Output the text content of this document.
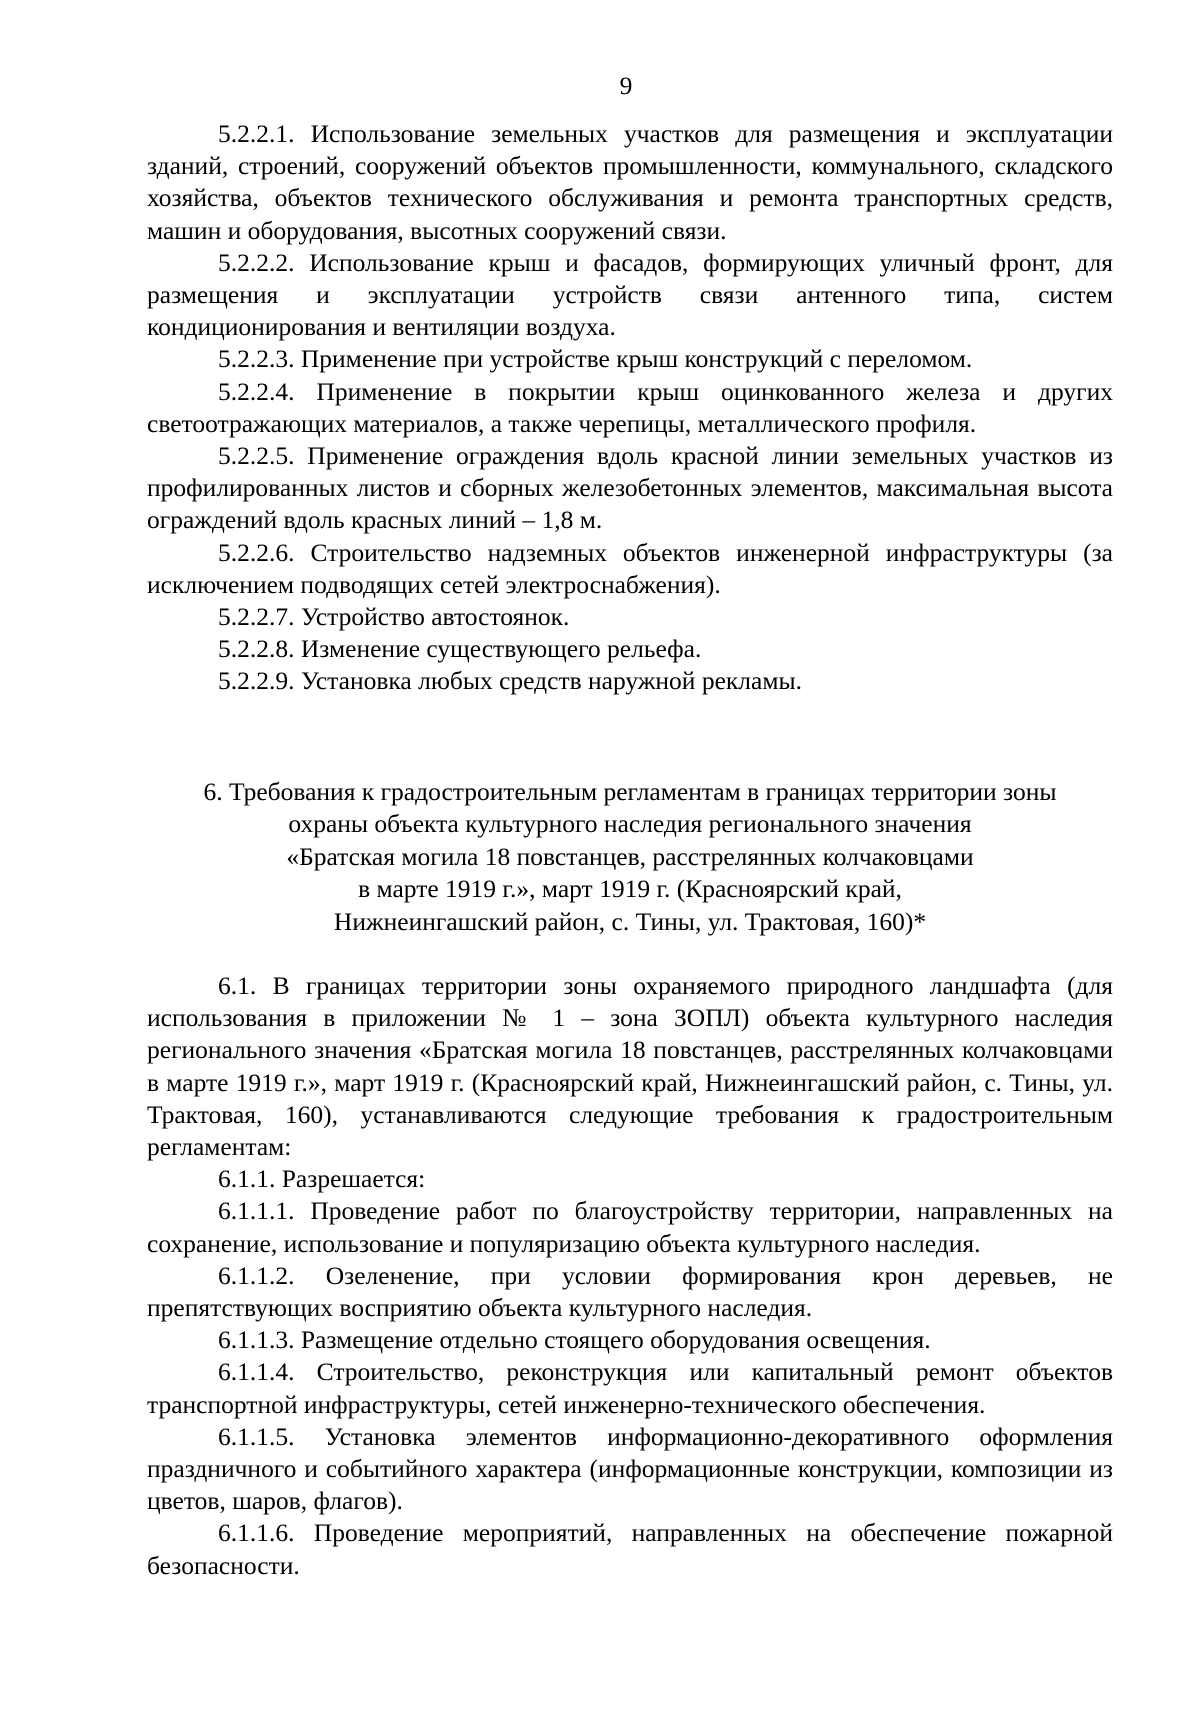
9

5.2.2.1. Использование земельных участков для размещения и эксплуатации зданий, строений, сооружений объектов промышленности, коммунального, складского хозяйства, объектов технического обслуживания и ремонта транспортных средств, машин и оборудования, высотных сооружений связи.

5.2.2.2. Использование крыш и фасадов, формирующих уличный фронт, для размещения и эксплуатации устройств связи антенного типа, систем кондиционирования и вентиляции воздуха.

5.2.2.3. Применение при устройстве крыш конструкций с переломом.

5.2.2.4. Применение в покрытии крыш оцинкованного железа и других светоотражающих материалов, а также черепицы, металлического профиля.

5.2.2.5. Применение ограждения вдоль красной линии земельных участков из профилированных листов и сборных железобетонных элементов, максимальная высота ограждений вдоль красных линий – 1,8 м.

5.2.2.6. Строительство надземных объектов инженерной инфраструктуры (за исключением подводящих сетей электроснабжения).

5.2.2.7. Устройство автостоянок.

5.2.2.8. Изменение существующего рельефа.

5.2.2.9. Установка любых средств наружной рекламы.

6. Требования к градостроительным регламентам в границах территории зоны
охраны объекта культурного наследия регионального значения
«Братская могила 18 повстанцев, расстрелянных колчаковцами
в марте 1919 г.», март 1919 г. (Красноярский край,
Нижнеингашский район, с. Тины, ул. Трактовая, 160)*

6.1. В границах территории зоны охраняемого природного ландшафта (для использования в приложении № 1 – зона ЗОПЛ) объекта культурного наследия регионального значения «Братская могила 18 повстанцев, расстрелянных колчаковцами в марте 1919 г.», март 1919 г. (Красноярский край, Нижнеингашский район, с. Тины, ул. Трактовая, 160), устанавливаются следующие требования к градостроительным регламентам:

6.1.1. Разрешается:

6.1.1.1. Проведение работ по благоустройству территории, направленных на сохранение, использование и популяризацию объекта культурного наследия.

6.1.1.2. Озеленение, при условии формирования крон деревьев, не препятствующих восприятию объекта культурного наследия.

6.1.1.3. Размещение отдельно стоящего оборудования освещения.

6.1.1.4. Строительство, реконструкция или капитальный ремонт объектов транспортной инфраструктуры, сетей инженерно-технического обеспечения.

6.1.1.5. Установка элементов информационно-декоративного оформления праздничного и событийного характера (информационные конструкции, композиции из цветов, шаров, флагов).

6.1.1.6. Проведение мероприятий, направленных на обеспечение пожарной безопасности.
